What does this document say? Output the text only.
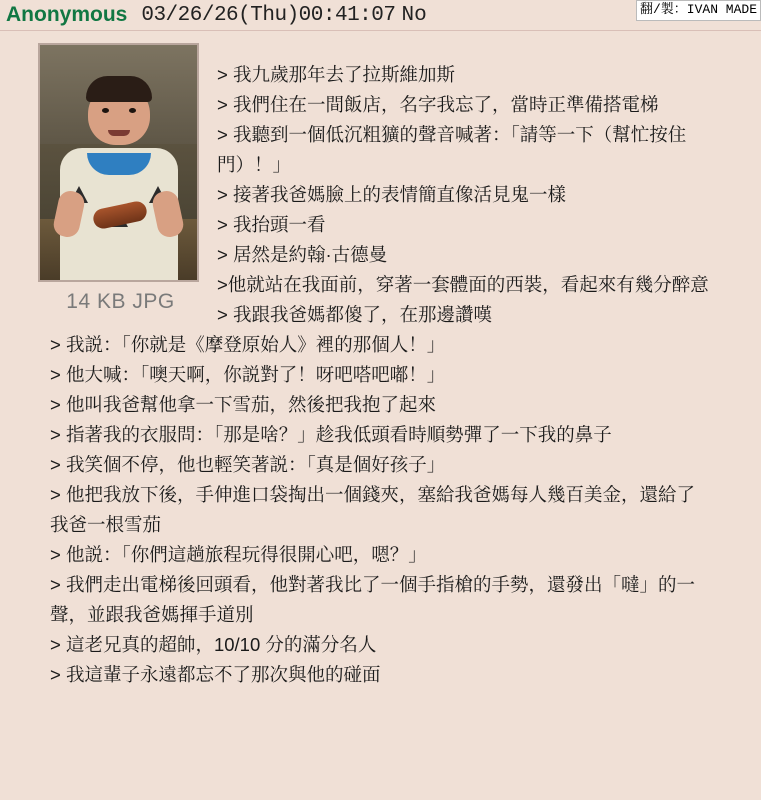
Anonymous 03/26/26(Thu)00:41:07 No	翻/製：IVAN MADE
14 KB JPG

> 我九歲那年去了拉斯維加斯

> 我們住在一間飯店，名字我忘了，當時正準備搭電梯

> 我聽到一個低沉粗獷的聲音喊著：「請等一下（幫忙按住門）！」

> 接著我爸媽臉上的表情簡直像活見鬼一樣

> 我抬頭一看

> 居然是約翰·古德曼

>他就站在我面前，穿著一套體面的西裝，看起來有幾分醉意

> 我跟我爸媽都傻了，在那邊讚嘆

> 我説：「你就是《摩登原始人》裡的那個人！」

> 他大喊：「噢天啊，你説對了！呀吧嗒吧嘟！」

> 他叫我爸幫他拿一下雪茄，然後把我抱了起來

> 指著我的衣服問：「那是啥？」趁我低頭看時順勢彈了一下我的鼻子

> 我笑個不停，他也輕笑著説：「真是個好孩子」

> 他把我放下後，手伸進口袋掏出一個錢夾，塞給我爸媽每人幾百美金，還給了我爸一根雪茄

> 他説：「你們這趟旅程玩得很開心吧，嗯？」

> 我們走出電梯後回頭看，他對著我比了一個手指槍的手勢，還發出「噠」的一聲，並跟我爸媽揮手道別

> 這老兄真的超帥，10/10 分的滿分名人

> 我這輩子永遠都忘不了那次與他的碰面
